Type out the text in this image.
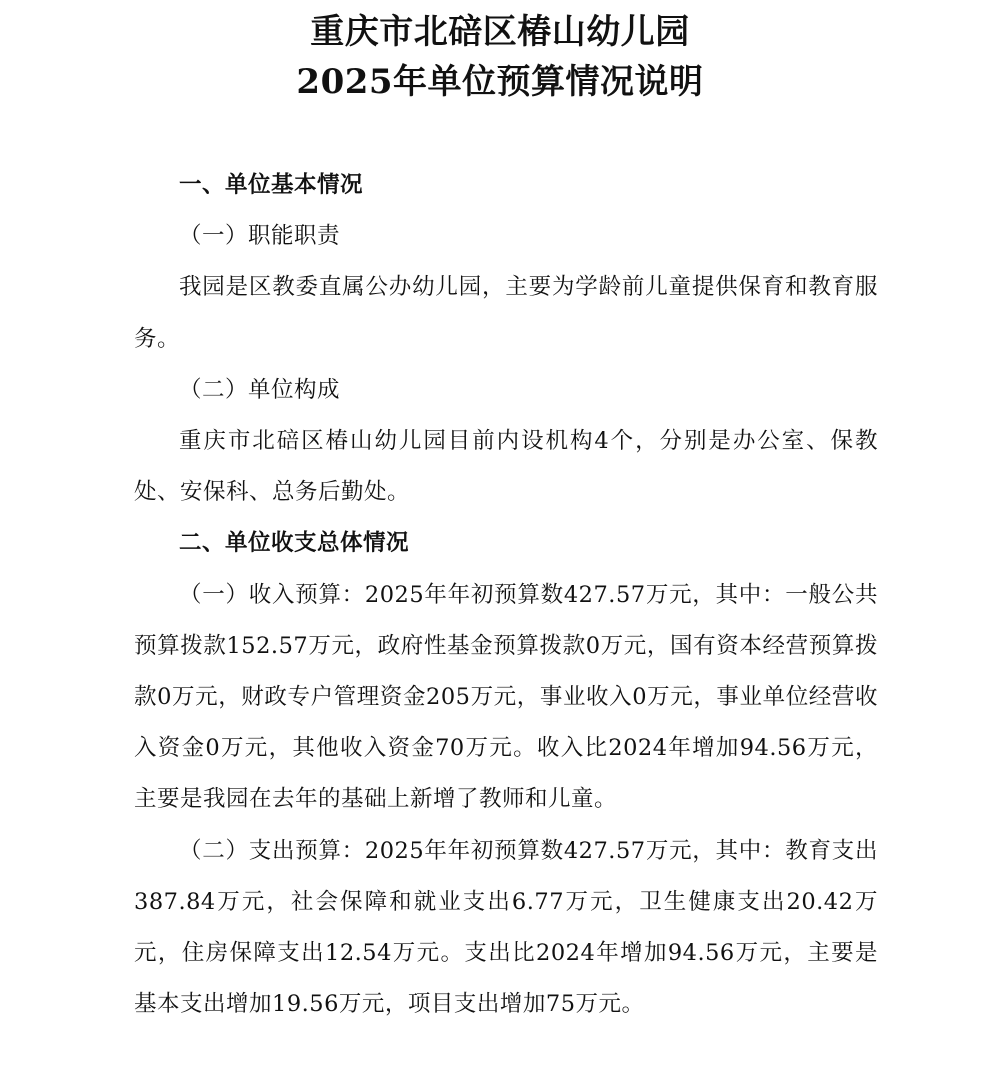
重庆市北碚区椿山幼儿园
2025年单位预算情况说明

一、单位基本情况

（一）职能职责

我园是区教委直属公办幼儿园，主要为学龄前儿童提供保育和教育服务。

（二）单位构成

重庆市北碚区椿山幼儿园目前内设机构4个，分别是办公室、保教处、安保科、总务后勤处。

二、单位收支总体情况

（一）收入预算：2025年年初预算数427.57万元，其中：一般公共预算拨款152.57万元，政府性基金预算拨款0万元，国有资本经营预算拨款0万元，财政专户管理资金205万元，事业收入0万元，事业单位经营收入资金0万元，其他收入资金70万元。收入比2024年增加94.56万元，主要是我园在去年的基础上新增了教师和儿童。

（二）支出预算：2025年年初预算数427.57万元，其中：教育支出387.84万元，社会保障和就业支出6.77万元，卫生健康支出20.42万元，住房保障支出12.54万元。支出比2024年增加94.56万元，主要是基本支出增加19.56万元，项目支出增加75万元。
